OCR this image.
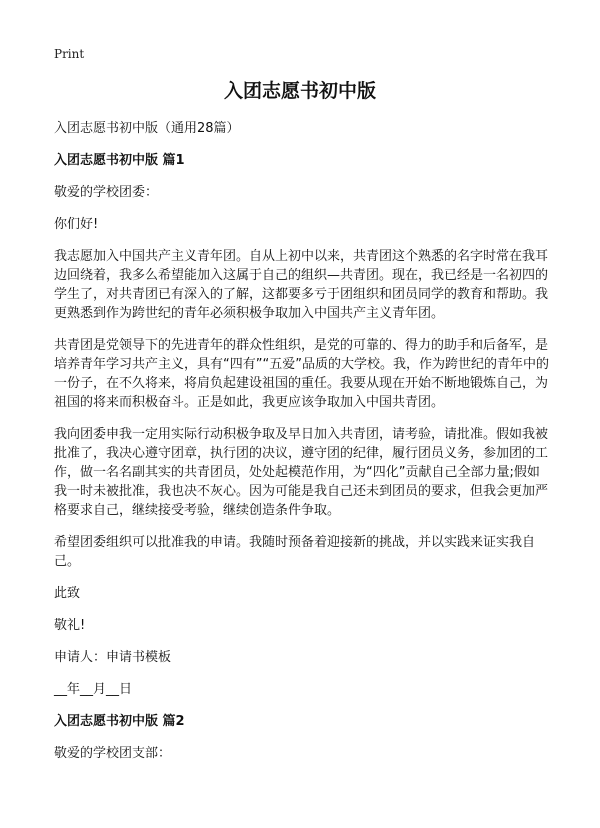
Print
入团志愿书初中版

入团志愿书初中版（通用28篇）

入团志愿书初中版 篇1

敬爱的学校团委：

你们好!

我志愿加入中国共产主义青年团。自从上初中以来，共青团这个熟悉的名字时常在我耳边回绕着，我多么希望能加入这属于自己的组织—共青团。现在，我已经是一名初四的学生了，对共青团已有深入的了解，这都要多亏于团组织和团员同学的教育和帮助。我更熟悉到作为跨世纪的青年必须积极争取加入中国共产主义青年团。

共青团是党领导下的先进青年的群众性组织，是党的可靠的、得力的助手和后备军，是培养青年学习共产主义，具有“四有”“五爱”品质的大学校。我，作为跨世纪的青年中的一份子，在不久将来，将肩负起建设祖国的重任。我要从现在开始不断地锻炼自己，为祖国的将来而积极奋斗。正是如此，我更应该争取加入中国共青团。

我向团委申我一定用实际行动积极争取及早日加入共青团，请考验，请批准。假如我被批准了，我决心遵守团章，执行团的决议，遵守团的纪律，履行团员义务，参加团的工作，做一名名副其实的共青团员，处处起模范作用，为“四化”贡献自己全部力量;假如我一时未被批准，我也决不灰心。因为可能是我自己还未到团员的要求，但我会更加严格要求自己，继续接受考验，继续创造条件争取。

希望团委组织可以批准我的申请。我随时预备着迎接新的挑战，并以实践来证实我自己。

此致

敬礼!

申请人：申请书模板

__年__月__日

入团志愿书初中版 篇2

敬爱的学校团支部：
